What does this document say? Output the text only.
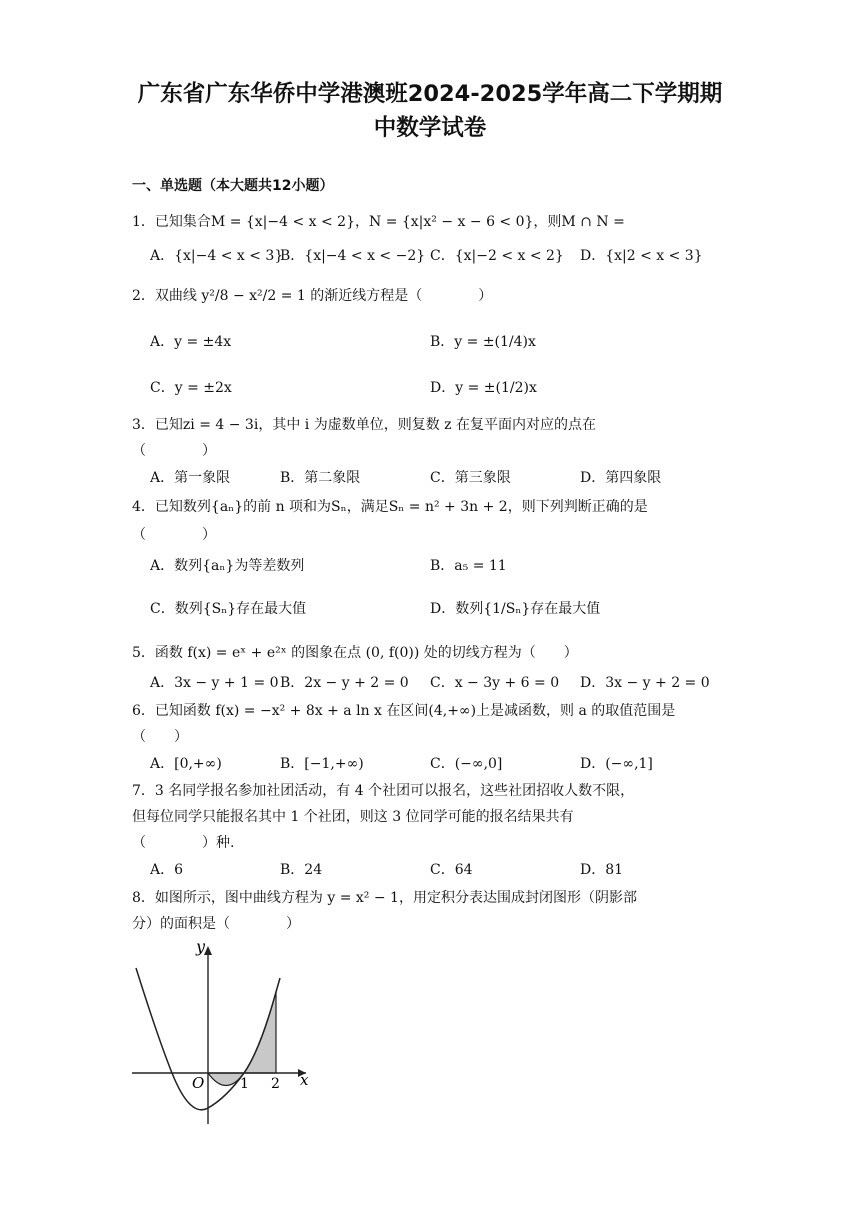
广东省广东华侨中学港澳班2024-2025学年高二下学期期
中数学试卷
一、单选题（本大题共12小题）
1．已知集合M = {x|−4 < x < 2}，N = {x|x² − x − 6 < 0}，则M ∩ N =
A．{x|−4 < x < 3}
B．{x|−4 < x < −2} C．{x|−2 < x < 2} D．{x|2 < x < 3}
2．双曲线 y²/8 − x²/2 = 1 的渐近线方程是（　　　　）
A．y = ±4x	B．y = ±(1/4)x
C．y = ±2x	D．y = ±(1/2)x
3．已知zi = 4 − 3i，其中 i 为虚数单位，则复数 z 在复平面内对应的点在
（　　　　）
A．第一象限	B．第二象限	C．第三象限	D．第四象限
4．已知数列{aₙ}的前 n 项和为Sₙ，满足Sₙ = n² + 3n + 2，则下列判断正确的是
（　　　　）
A．数列{aₙ}为等差数列	B．a₅ = 11
C．数列{Sₙ}存在最大值	D．数列{1/Sₙ}存在最大值
5．函数 f(x) = eˣ + e²ˣ 的图象在点 (0, f(0)) 处的切线方程为（　　）
A．3x − y + 1 = 0 B．2x − y + 2 = 0 C．x − 3y + 6 = 0 D．3x − y + 2 = 0
6．已知函数 f(x) = −x² + 8x + a ln x 在区间(4,+∞)上是减函数，则 a 的取值范围是
（　　）
A．[0,+∞)	B．[−1,+∞)	C．(−∞,0]	D．(−∞,1]
7．3 名同学报名参加社团活动，有 4 个社团可以报名，这些社团招收人数不限，
但每位同学只能报名其中 1 个社团，则这 3 位同学可能的报名结果共有
（　　　　）种.
A．6	B．24	C．64	D．81
8．如图所示，图中曲线方程为 y = x² − 1，用定积分表达围成封闭图形（阴影部
分）的面积是（　　　　）
y
x
O	1 2
